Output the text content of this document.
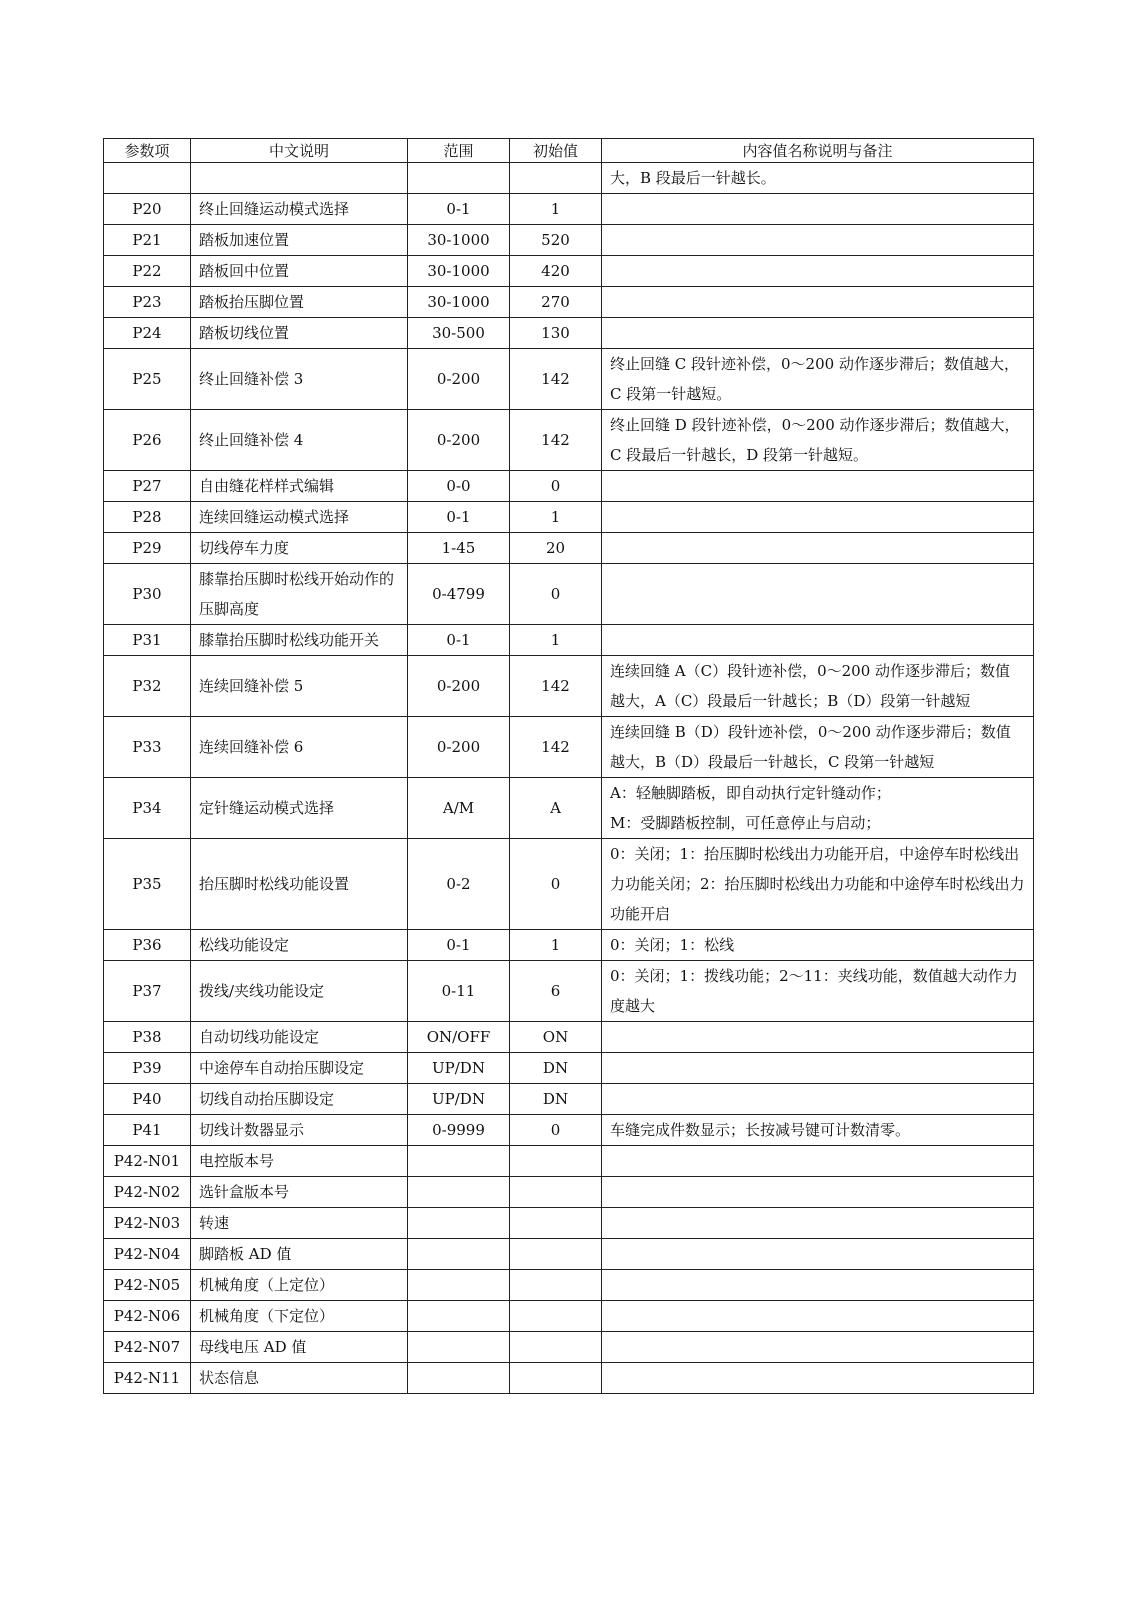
参数项	中文说明	范围	初始值	内容值名称说明与备注
				大，B 段最后一针越长。
P20	终止回缝运动模式选择	0-1	1	
P21	踏板加速位置	30-1000	520	
P22	踏板回中位置	30-1000	420	
P23	踏板抬压脚位置	30-1000	270	
P24	踏板切线位置	30-500	130	
P25	终止回缝补偿 3	0-200	142	终止回缝 C 段针迹补偿，0～200 动作逐步滞后；数值越大，C 段第一针越短。
P26	终止回缝补偿 4	0-200	142	终止回缝 D 段针迹补偿，0～200 动作逐步滞后；数值越大，C 段最后一针越长，D 段第一针越短。
P27	自由缝花样样式编辑	0-0	0	
P28	连续回缝运动模式选择	0-1	1	
P29	切线停车力度	1-45	20	
P30	膝靠抬压脚时松线开始动作的压脚高度	0-4799	0	
P31	膝靠抬压脚时松线功能开关	0-1	1	
P32	连续回缝补偿 5	0-200	142	连续回缝 A（C）段针迹补偿，0～200 动作逐步滞后；数值越大，A（C）段最后一针越长；B（D）段第一针越短
P33	连续回缝补偿 6	0-200	142	连续回缝 B（D）段针迹补偿，0～200 动作逐步滞后；数值越大，B（D）段最后一针越长，C 段第一针越短
P34	定针缝运动模式选择	A/M	A	A：轻触脚踏板，即自动执行定针缝动作；
M：受脚踏板控制，可任意停止与启动；
P35	抬压脚时松线功能设置	0-2	0	0：关闭；1：抬压脚时松线出力功能开启，中途停车时松线出力功能关闭；2：抬压脚时松线出力功能和中途停车时松线出力功能开启
P36	松线功能设定	0-1	1	0：关闭；1：松线
P37	拨线/夹线功能设定	0-11	6	0：关闭；1：拨线功能；2～11：夹线功能，数值越大动作力度越大
P38	自动切线功能设定	ON/OFF	ON	
P39	中途停车自动抬压脚设定	UP/DN	DN	
P40	切线自动抬压脚设定	UP/DN	DN	
P41	切线计数器显示	0-9999	0	车缝完成件数显示；长按减号键可计数清零。
P42-N01	电控版本号			
P42-N02	选针盒版本号			
P42-N03	转速			
P42-N04	脚踏板 AD 值			
P42-N05	机械角度（上定位）			
P42-N06	机械角度（下定位）			
P42-N07	母线电压 AD 值			
P42-N11	状态信息			
